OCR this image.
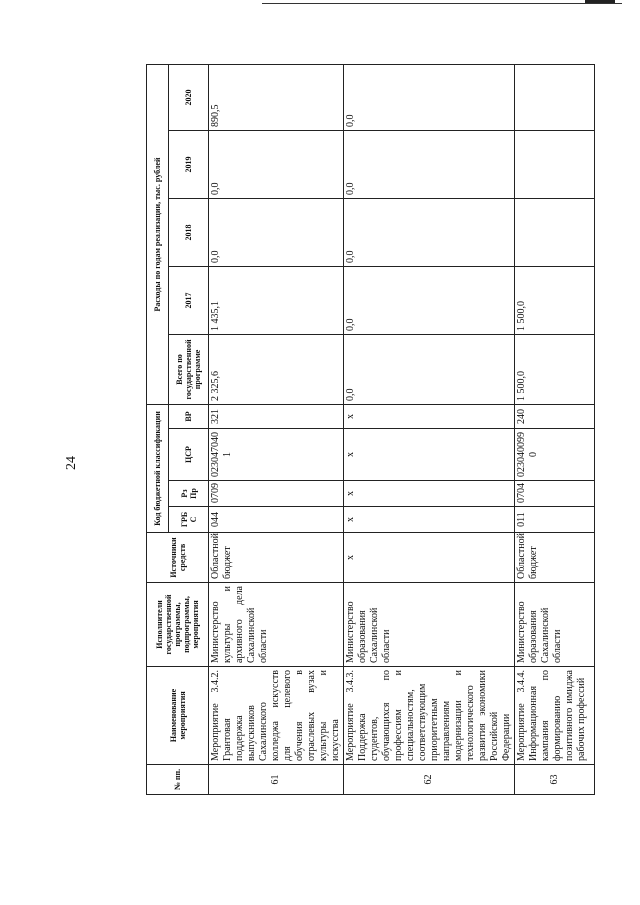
24
№ пп.	Наименование мероприятия	Исполнители государственной программы, подпрограммы, мероприятия	Источники средств	Код бюджетной классификации				Расходы по годам реализации, тыс. рублей				
				ГРБ С	Рз Пр	ЦСР	ВР	Всего по государственной программе	2017	2018	2019	2020
61	Мероприятие 3.4.2. Грантовая поддержка выпускников Сахалинского колледжа искусств для целевого обучения в отраслевых вузах культуры и искусства	Министерство культуры и архивного дела Сахалинской области	Областной бюджет	044	0709	0230470401	321	2 325,6	1 435,1	0,0	0,0	890,5
62	Мероприятие 3.4.3. Поддержка студентов, обучающихся по профессиям и специальностям, соответствующим приоритетным направлениям модернизации и технологического развития экономики Российской Федерации	Министерство образования Сахалинской области	x	x	x	x	x	0,0	0,0	0,0	0,0	0,0
63	Мероприятие 3.4.4. Информационная кампания по формированию позитивного имиджа рабочих профессий	Министерство образования Сахалинской области	Областной бюджет	011	0704	0230400990	240	1 500,0	1 500,0			
